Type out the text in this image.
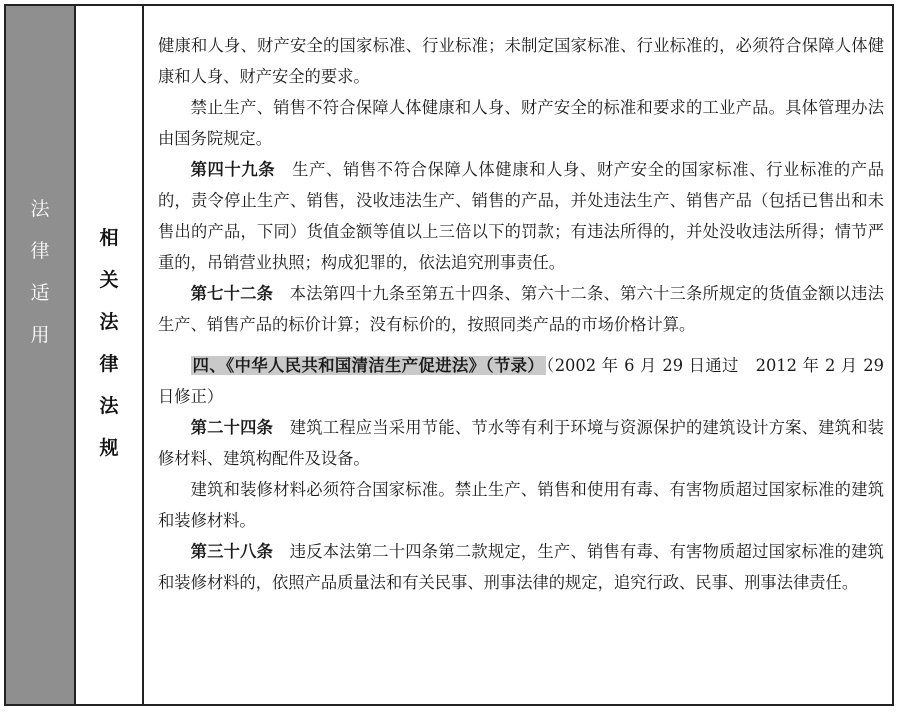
法
律
适
用
相
关
法
律
法
规

健康和人身、财产安全的国家标准、行业标准；未制定国家标准、行业标准的，必须符合保障人体健康和人身、财产安全的要求。

禁止生产、销售不符合保障人体健康和人身、财产安全的标准和要求的工业产品。具体管理办法由国务院规定。

第四十九条　 生产、销售不符合保障人体健康和人身、财产安全的国家标准、行业标准的产品的，责令停止生产、销售，没收违法生产、销售的产品，并处违法生产、销售产品（包括已售出和未售出的产品，下同）货值金额等值以上三倍以下的罚款；有违法所得的，并处没收违法所得；情节严重的，吊销营业执照；构成犯罪的，依法追究刑事责任。

第七十二条　 本法第四十九条至第五十四条、第六十二条、第六十三条所规定的货值金额以违法生产、销售产品的标价计算；没有标价的，按照同类产品的市场价格计算。

四、《中华人民共和国清洁生产促进法》（节录） （2002 年 6 月 29 日通过　2012 年 2 月 29 日修正）

第二十四条　 建筑工程应当采用节能、节水等有利于环境与资源保护的建筑设计方案、建筑和装修材料、建筑构配件及设备。

建筑和装修材料必须符合国家标准。禁止生产、销售和使用有毒、有害物质超过国家标准的建筑和装修材料。

第三十八条　 违反本法第二十四条第二款规定，生产、销售有毒、有害物质超过国家标准的建筑和装修材料的，依照产品质量法和有关民事、刑事法律的规定，追究行政、民事、刑事法律责任。
